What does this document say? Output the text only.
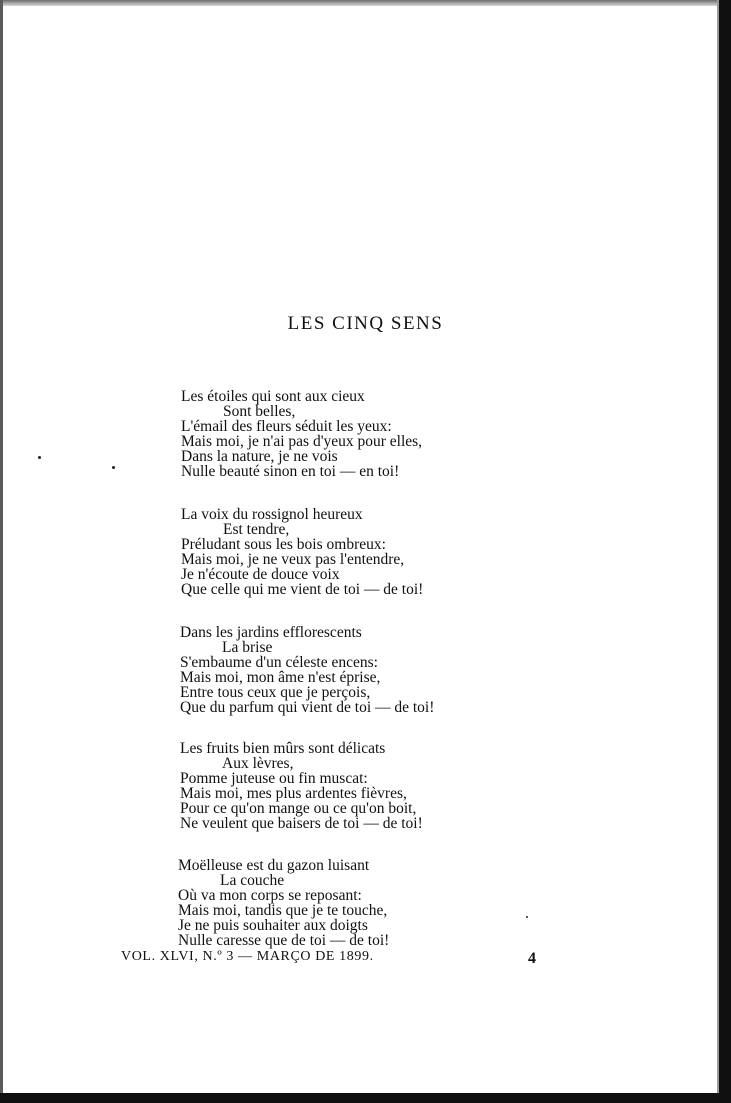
LES CINQ SENS
Les étoiles qui sont aux cieux
Sont belles,
L'émail des fleurs séduit les yeux:
Mais moi, je n'ai pas d'yeux pour elles,
Dans la nature, je ne vois
Nulle beauté sinon en toi — en toi!
La voix du rossignol heureux
Est tendre,
Préludant sous les bois ombreux:
Mais moi, je ne veux pas l'entendre,
Je n'écoute de douce voix
Que celle qui me vient de toi — de toi!
Dans les jardins efflorescents
La brise
S'embaume d'un céleste encens:
Mais moi, mon âme n'est éprise,
Entre tous ceux que je perçois,
Que du parfum qui vient de toi — de toi!
Les fruits bien mûrs sont délicats
Aux lèvres,
Pomme juteuse ou fin muscat:
Mais moi, mes plus ardentes fièvres,
Pour ce qu'on mange ou ce qu'on boit,
Ne veulent que baisers de toi — de toi!
Moëlleuse est du gazon luisant
La couche
Où va mon corps se reposant:
Mais moi, tandis que je te touche,
Je ne puis souhaiter aux doigts
Nulle caresse que de toi — de toi!
VOL. XLVI, N.º 3 — MARÇO DE 1899.	4
